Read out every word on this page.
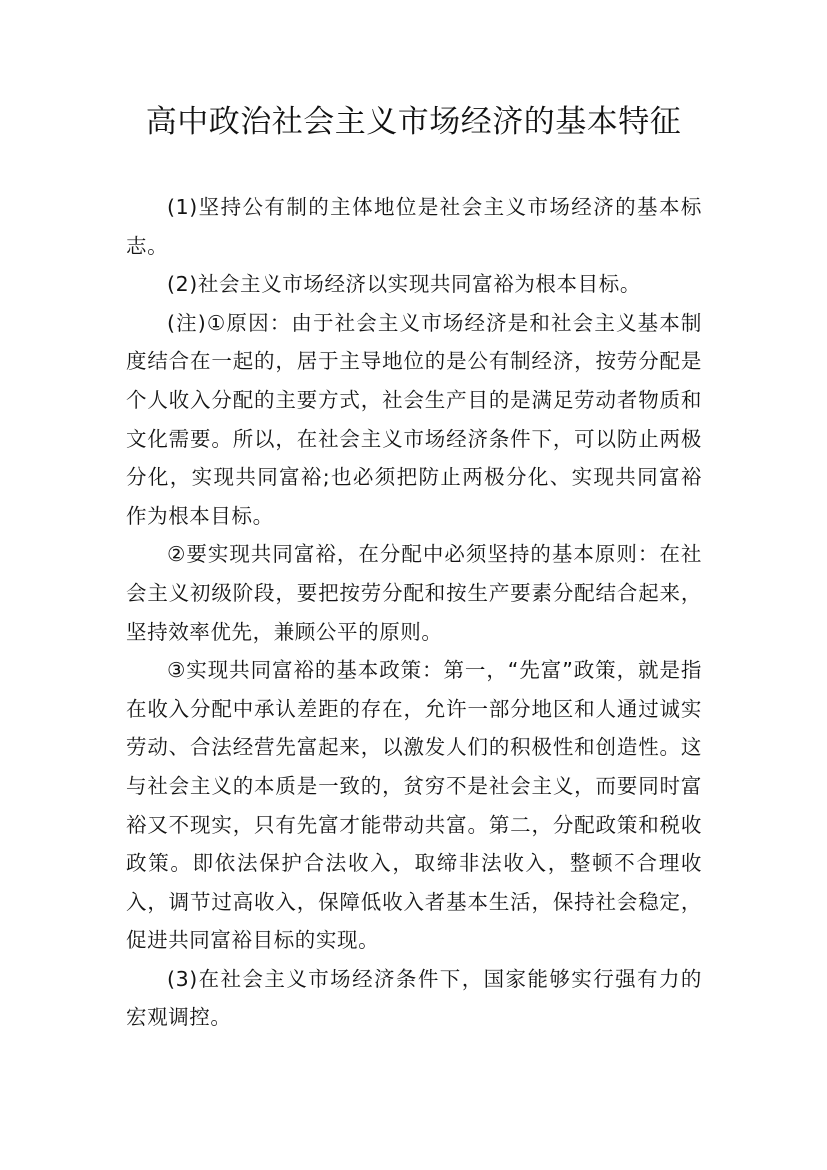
高中政治社会主义市场经济的基本特征

(1)坚持公有制的主体地位是社会主义市场经济的基本标志。

(2)社会主义市场经济以实现共同富裕为根本目标。

(注)①原因：由于社会主义市场经济是和社会主义基本制度结合在一起的，居于主导地位的是公有制经济，按劳分配是个人收入分配的主要方式，社会生产目的是满足劳动者物质和文化需要。所以，在社会主义市场经济条件下，可以防止两极分化，实现共同富裕;也必须把防止两极分化、实现共同富裕作为根本目标。

②要实现共同富裕，在分配中必须坚持的基本原则：在社会主义初级阶段，要把按劳分配和按生产要素分配结合起来，坚持效率优先，兼顾公平的原则。

③实现共同富裕的基本政策：第一，“先富”政策，就是指在收入分配中承认差距的存在，允许一部分地区和人通过诚实劳动、合法经营先富起来，以激发人们的积极性和创造性。这与社会主义的本质是一致的，贫穷不是社会主义，而要同时富裕又不现实，只有先富才能带动共富。第二，分配政策和税收政策。即依法保护合法收入，取缔非法收入，整顿不合理收入，调节过高收入，保障低收入者基本生活，保持社会稳定，促进共同富裕目标的实现。

(3)在社会主义市场经济条件下，国家能够实行强有力的宏观调控。
